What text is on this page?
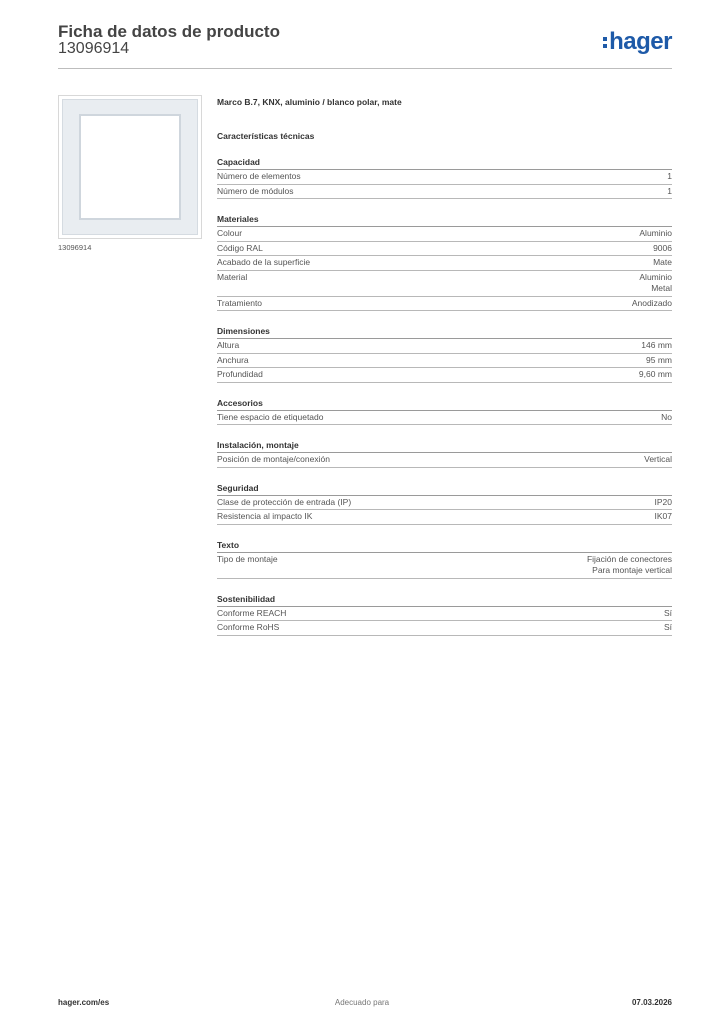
Ficha de datos de producto
13096914	hager
13096914
Marco B.7, KNX, aluminio / blanco polar, mate
Características técnicas
Capacidad
Número de elementos	1
Número de módulos	1
Materiales
Colour	Aluminio
Código RAL	9006
Acabado de la superficie	Mate
Material	Aluminio
Metal
Tratamiento	Anodizado
Dimensiones
Altura	146 mm
Anchura	95 mm
Profundidad	9,60 mm
Accesorios
Tiene espacio de etiquetado	No
Instalación, montaje
Posición de montaje/conexión	Vertical
Seguridad
Clase de protección de entrada (IP)	IP20
Resistencia al impacto IK	IK07
Texto
Tipo de montaje	Fijación de conectores
Para montaje vertical
Sostenibilidad
Conforme REACH	Sí
Conforme RoHS	Sí
hager.com/es	Adecuado para	07.03.2026
